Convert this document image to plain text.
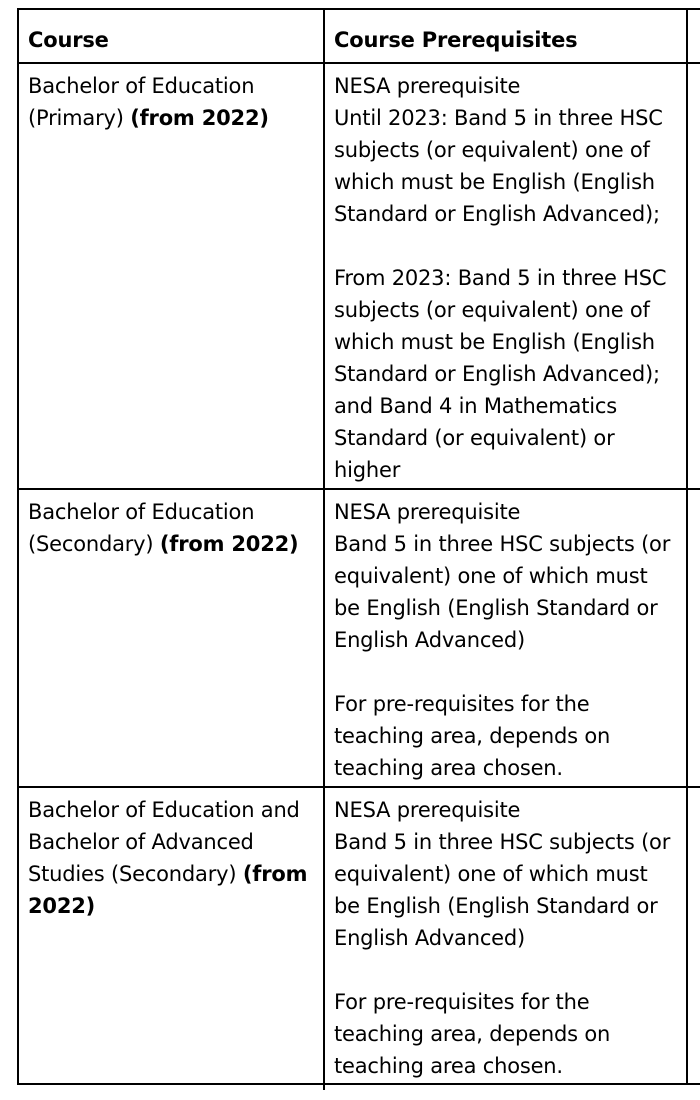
Course	Course Prerequisites
Bachelor of Education
(Primary) (from 2022)
NESA prerequisite
Until 2023: Band 5 in three HSC
subjects (or equivalent) one of
which must be English (English
Standard or English Advanced);
From 2023: Band 5 in three HSC
subjects (or equivalent) one of
which must be English (English
Standard or English Advanced);
and Band 4 in Mathematics
Standard (or equivalent) or
higher
Bachelor of Education
(Secondary) (from 2022)
NESA prerequisite
Band 5 in three HSC subjects (or
equivalent) one of which must
be English (English Standard or
English Advanced)
For pre-requisites for the
teaching area, depends on
teaching area chosen.
Bachelor of Education and
Bachelor of Advanced
Studies (Secondary) (from
2022)
NESA prerequisite
Band 5 in three HSC subjects (or
equivalent) one of which must
be English (English Standard or
English Advanced)
For pre-requisites for the
teaching area, depends on
teaching area chosen.
